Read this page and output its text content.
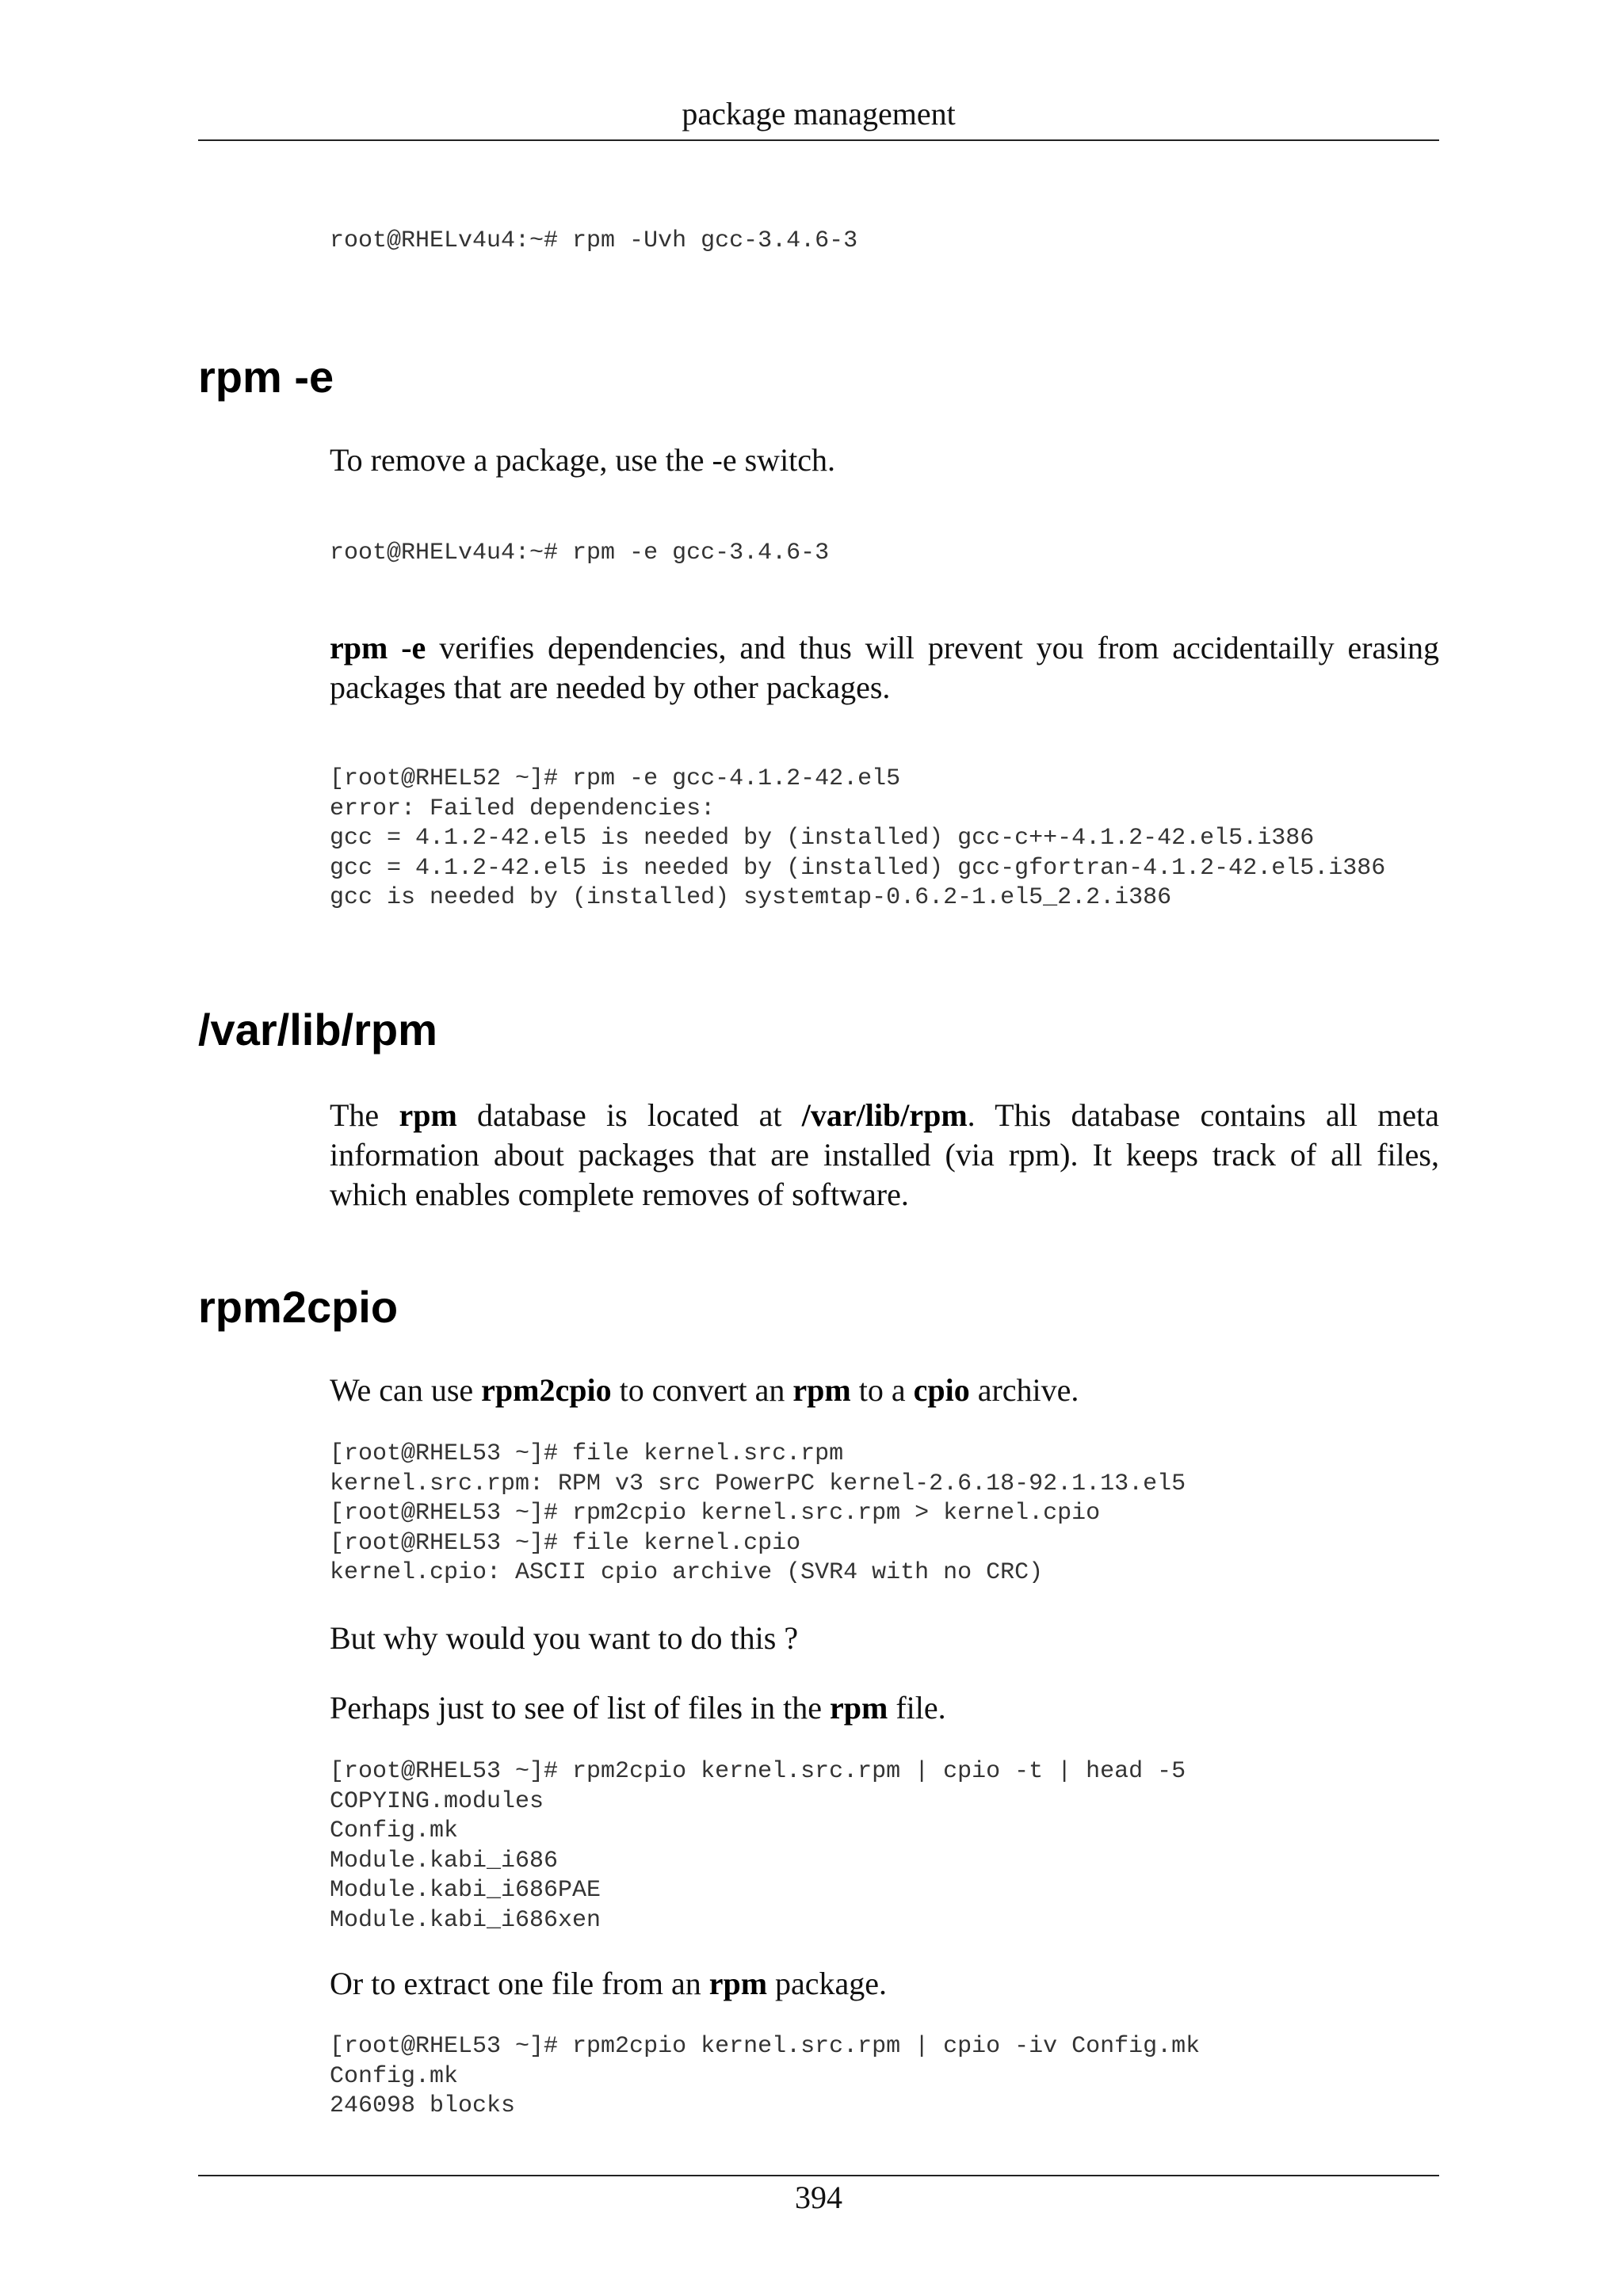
package management
root@RHELv4u4:~# rpm -Uvh gcc-3.4.6-3
rpm -e

To remove a package, use the -e switch.

root@RHELv4u4:~# rpm -e gcc-3.4.6-3

rpm -e verifies dependencies, and thus will prevent you from accidentailly erasing packages that are needed by other packages.

[root@RHEL52 ~]# rpm -e gcc-4.1.2-42.el5
error: Failed dependencies:
gcc = 4.1.2-42.el5 is needed by (installed) gcc-c++-4.1.2-42.el5.i386
gcc = 4.1.2-42.el5 is needed by (installed) gcc-gfortran-4.1.2-42.el5.i386
gcc is needed by (installed) systemtap-0.6.2-1.el5_2.2.i386
/var/lib/rpm

The rpm database is located at /var/lib/rpm. This database contains all meta information about packages that are installed (via rpm). It keeps track of all files, which enables complete removes of software.

rpm2cpio

We can use rpm2cpio to convert an rpm to a cpio archive.

[root@RHEL53 ~]# file kernel.src.rpm
kernel.src.rpm: RPM v3 src PowerPC kernel-2.6.18-92.1.13.el5
[root@RHEL53 ~]# rpm2cpio kernel.src.rpm > kernel.cpio
[root@RHEL53 ~]# file kernel.cpio
kernel.cpio: ASCII cpio archive (SVR4 with no CRC)

But why would you want to do this ?

Perhaps just to see of list of files in the rpm file.

[root@RHEL53 ~]# rpm2cpio kernel.src.rpm | cpio -t | head -5
COPYING.modules
Config.mk
Module.kabi_i686
Module.kabi_i686PAE
Module.kabi_i686xen

Or to extract one file from an rpm package.

[root@RHEL53 ~]# rpm2cpio kernel.src.rpm | cpio -iv Config.mk
Config.mk
246098 blocks
394
